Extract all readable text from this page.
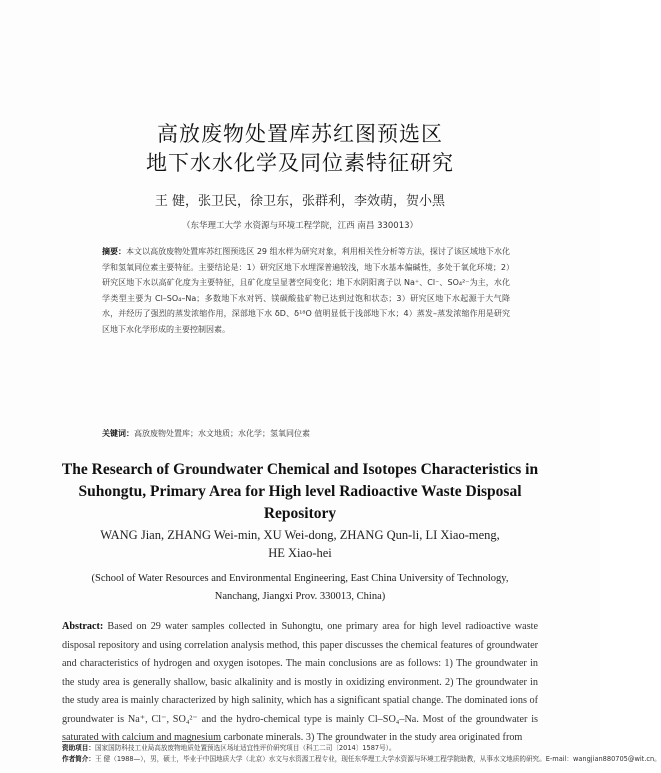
高放废物处置库苏红图预选区
地下水水化学及同位素特征研究
王 健，张卫民，徐卫东，张群利，李效萌，贺小黑
（东华理工大学 水资源与环境工程学院，江西 南昌 330013）
摘要：本文以高放废物处置库苏红图预选区 29 组水样为研究对象，利用相关性分析等方法，探讨了该区域地下水化学和氢氧同位素主要特征。主要结论是：1）研究区地下水埋深普遍较浅，地下水基本偏碱性，多处于氧化环境；2）研究区地下水以高矿化度为主要特征，且矿化度呈显著空间变化；地下水阴阳离子以 Na⁺、Cl⁻、SO₄²⁻为主，水化学类型主要为 Cl–SO₄–Na；多数地下水对钙、镁碳酸盐矿物已达到过饱和状态；3）研究区地下水起源于大气降水，并经历了强烈的蒸发浓缩作用，深部地下水 δD、δ¹⁸O 值明显低于浅部地下水；4）蒸发–蒸发浓缩作用是研究区地下水化学形成的主要控制因素。
关键词：高放废物处置库；水文地质；水化学；氢氧同位素
The Research of Groundwater Chemical and Isotopes Characteristics in
Suhongtu, Primary Area for High level Radioactive Waste Disposal
Repository
WANG Jian, ZHANG Wei-min, XU Wei-dong, ZHANG Qun-li, LI Xiao-meng,
HE Xiao-hei
(School of Water Resources and Environmental Engineering, East China University of Technology,
Nanchang, Jiangxi Prov. 330013, China)
Abstract: Based on 29 water samples collected in Suhongtu, one primary area for high level radioactive waste disposal repository and using correlation analysis method, this paper discusses the chemical features of groundwater and characteristics of hydrogen and oxygen isotopes. The main conclusions are as follows: 1) The groundwater in the study area is generally shallow, basic alkalinity and is mostly in oxidizing environment. 2) The groundwater in the study area is mainly characterized by high salinity, which has a significant spatial change. The dominated ions of groundwater is Na⁺, Cl⁻, SO₄²⁻ and the hydro-chemical type is mainly Cl–SO₄–Na. Most of the groundwater is saturated with calcium and magnesium carbonate minerals. 3) The groundwater in the study area originated from
资助项目：国家国防科技工业局高放废物地质处置预选区场址适宜性评价研究项目（科工二司〔2014〕1587号）。
作者简介：王 健（1988—），男，硕士，毕业于中国地质大学（北京）水文与水资源工程专业，现任东华理工大学水资源与环境工程学院助教，从事水文地质的研究。E-mail：wangjian880705@wit.cn。
